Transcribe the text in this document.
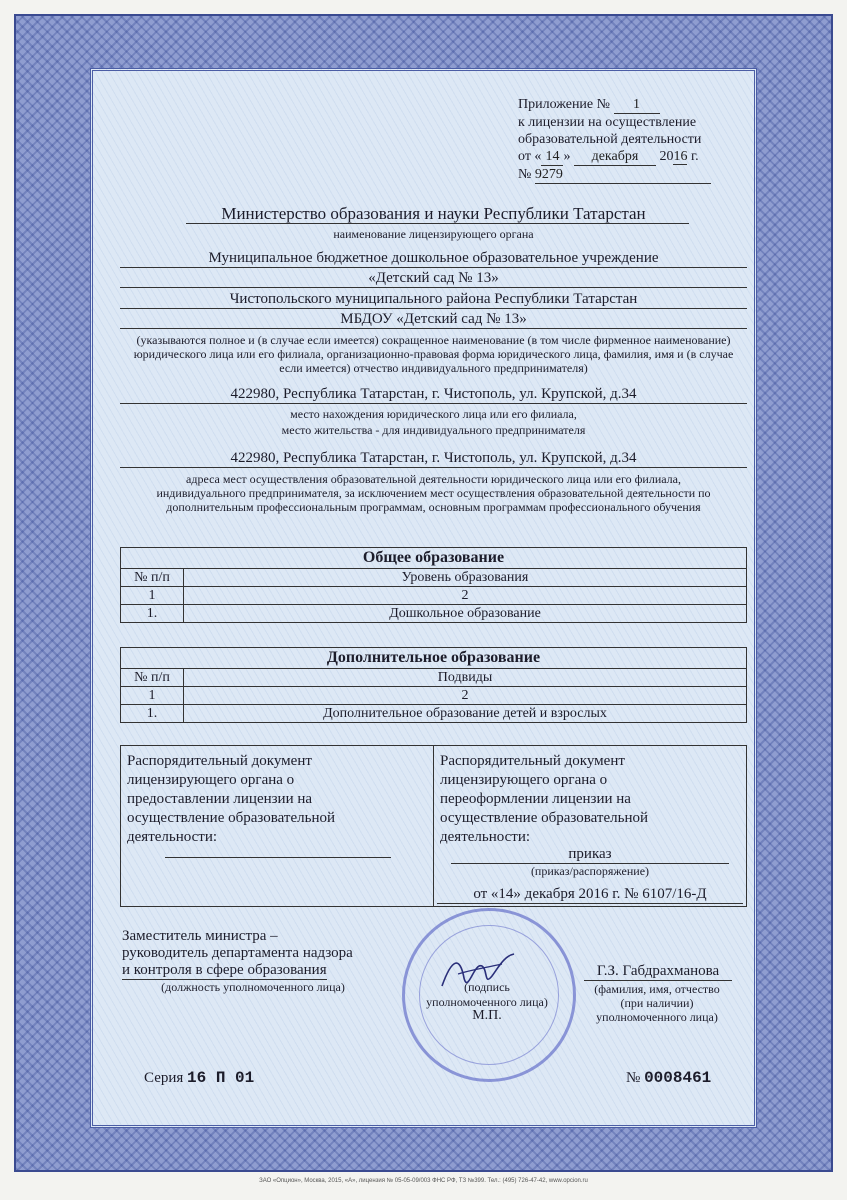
Приложение № 1
к лицензии на осуществление
образовательной деятельности
от « 14 » декабря 2016 г.
№ 9279
Министерство образования и науки Республики Татарстан
наименование лицензирующего органа
Муниципальное бюджетное дошкольное образовательное учреждение
«Детский сад № 13»
Чистопольского муниципального района Республики Татарстан
МБДОУ «Детский сад № 13»
(указываются полное и (в случае если имеется) сокращенное наименование (в том числе фирменное наименование) юридического лица или его филиала, организационно-правовая форма юридического лица, фамилия, имя и (в случае если имеется) отчество индивидуального предпринимателя)
422980, Республика Татарстан, г. Чистополь, ул. Крупской, д.34
место нахождения юридического лица или его филиала,
место жительства - для индивидуального предпринимателя
422980, Республика Татарстан, г. Чистополь, ул. Крупской, д.34
адреса мест осуществления образовательной деятельности юридического лица или его филиала, индивидуального предпринимателя, за исключением мест осуществления образовательной деятельности по дополнительным профессиональным программам, основным программам профессионального обучения
Общее образование	
№ п/п	Уровень образования
1	2
1.	Дошкольное образование
Дополнительное образование	
№ п/п	Подвиды
1	2
1.	Дополнительное образование детей и взрослых
Распорядительный документ лицензирующего органа о предоставлении лицензии на осуществление образовательной деятельности:
Распорядительный документ лицензирующего органа о переоформлении лицензии на осуществление образовательной деятельности:
приказ
(приказ/распоряжение)
от «14» декабря 2016 г. № 6107/16-Д
Заместитель министра –
руководитель департамента надзора
и контроля в сфере образования
(должность уполномоченного лица)	(подпись
уполномоченного лица)
М.П.
Г.З. Габдрахманова
(фамилия, имя, отчество
(при наличии)
уполномоченного лица)
Серия 16 П 01	№ 0008461
ЗАО «Опцион», Москва, 2015, «А», лицензия № 05-05-09/003 ФНС РФ, ТЗ №399. Тел.: (495) 726-47-42, www.opcion.ru
